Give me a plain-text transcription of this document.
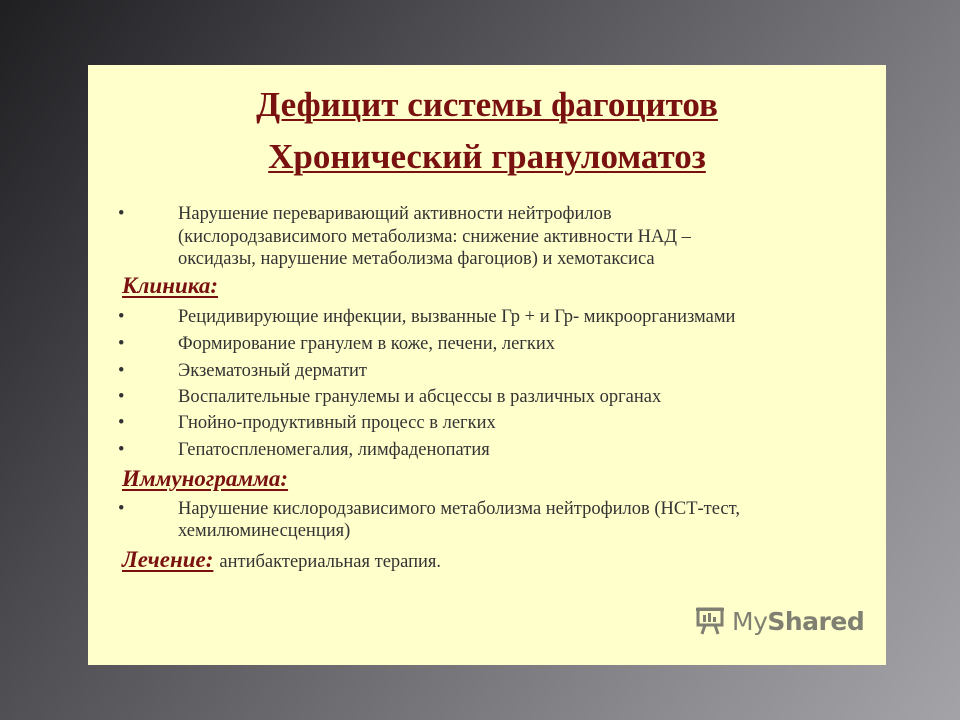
Дефицит системы фагоцитов
Хронический грануломатоз
•	Нарушение переваривающий активности нейтрофилов
(кислородзависимого метаболизма: снижение активности НАД –
оксидазы, нарушение метаболизма фагоциов) и хемотаксиса
Клиника:
•	Рецидивирующие инфекции, вызванные Гр + и Гр- микроорганизмами
•	Формирование гранулем в коже, печени, легких
•	Экзематозный дерматит
•	Воспалительные гранулемы и абсцессы в различных органах
•	Гнойно-продуктивный процесс в легких
•	Гепатоспленомегалия, лимфаденопатия
Иммунограмма:
•	Нарушение кислородзависимого метаболизма нейтрофилов (НСТ-тест,
хемилюминесценция)
Лечение: антибактериальная терапия.
MyShared
